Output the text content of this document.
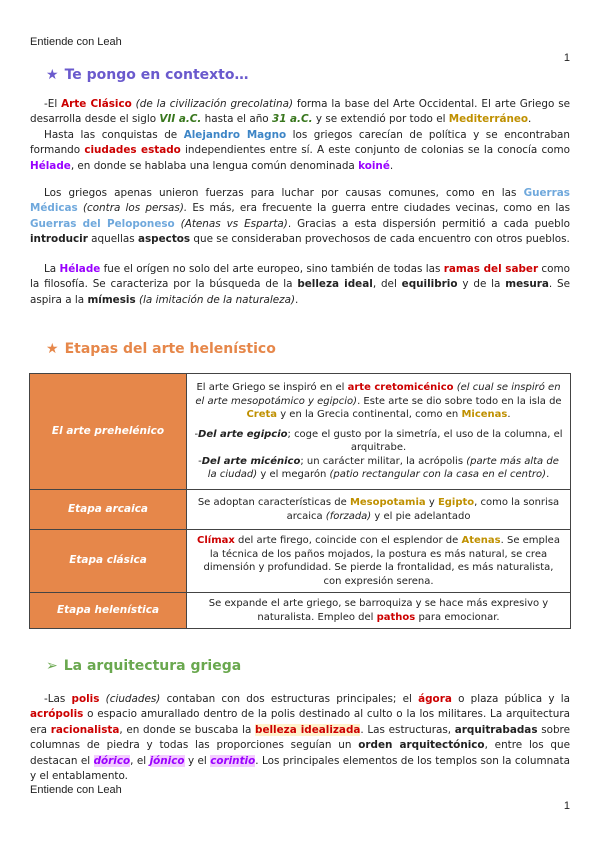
Entiende con Leah
1
★ Te pongo en contexto…
-El Arte Clásico (de la civilización grecolatina) forma la base del Arte Occidental. El arte Griego se desarrolla desde el siglo VII a.C. hasta el año 31 a.C. y se extendió por todo el Mediterráneo.
Hasta las conquistas de Alejandro Magno los griegos carecían de política y se encontraban formando ciudades estado independientes entre sí. A este conjunto de colonias se la conocía como Hélade, en donde se hablaba una lengua común denominada koiné.
Los griegos apenas unieron fuerzas para luchar por causas comunes, como en las Guerras Médicas (contra los persas). Es más, era frecuente la guerra entre ciudades vecinas, como en las Guerras del Peloponeso (Atenas vs Esparta). Gracias a esta dispersión permitió a cada pueblo introducir aquellas aspectos que se consideraban provechosos de cada encuentro con otros pueblos.
La Hélade fue el orígen no solo del arte europeo, sino también de todas las ramas del saber como la filosofía. Se caracteriza por la búsqueda de la belleza ideal, del equilibrio y de la mesura. Se aspira a la mímesis (la imitación de la naturaleza).
★ Etapas del arte helenístico
El arte prehelénico	El arte Griego se inspiró en el arte cretomicénico (el cual se inspiró en el arte mesopotámico y egipcio). Este arte se dio sobre todo en la isla de Creta y en la Grecia continental, como en Micenas.
-Del arte egipcio; coge el gusto por la simetría, el uso de la columna, el arquitrabe.
-Del arte micénico; un carácter militar, la acrópolis (parte más alta de la ciudad) y el megarón (patio rectangular con la casa en el centro).

Etapa arcaica	Se adoptan características de Mesopotamia y Egipto, como la sonrisa arcaica (forzada) y el pie adelantado
Etapa clásica	Clímax del arte firego, coincide con el esplendor de Atenas. Se emplea la técnica de los paños mojados, la postura es más natural, se crea dimensión y profundidad. Se pierde la frontalidad, es más naturalista, con expresión serena.
Etapa helenística	Se expande el arte griego, se barroquiza y se hace más expresivo y naturalista. Empleo del pathos para emocionar.
➢ La arquitectura griega
-Las polis (ciudades) contaban con dos estructuras principales; el ágora o plaza pública y la acrópolis o espacio amurallado dentro de la polis destinado al culto o la los militares. La arquitectura era racionalista, en donde se buscaba la belleza idealizada. Las estructuras, arquitrabadas sobre columnas de piedra y todas las proporciones seguían un orden arquitectónico, entre los que destacan el dórico, el jónico y el corintio. Los principales elementos de los templos son la columnata y el entablamento.
Entiende con Leah
1
